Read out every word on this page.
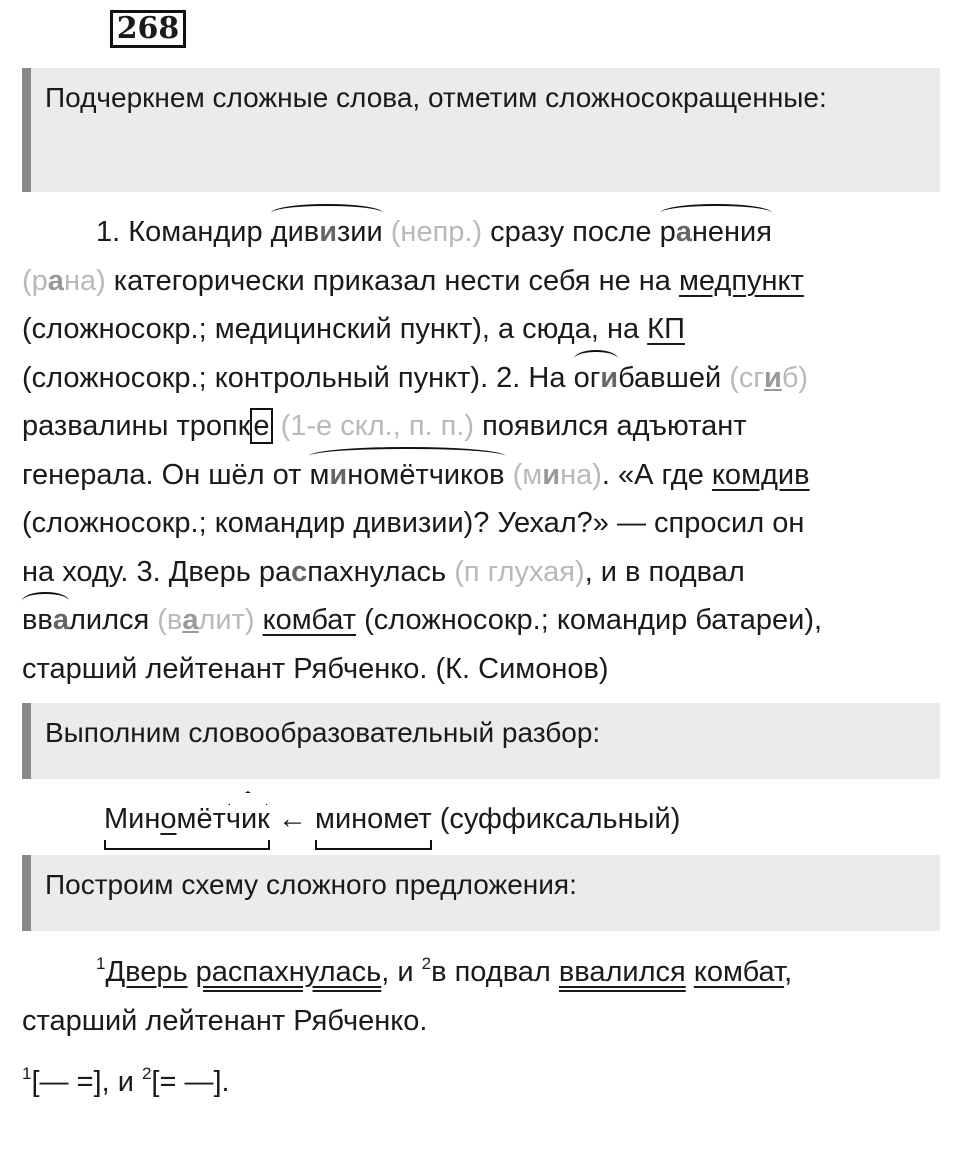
268
Подчеркнем сложные слова, отметим сложносокращенные:
1. Командир дивизии (непр.) сразу после ранения
(рана) категорически приказал нести себя не на медпункт
(сложносокр.; медицинский пункт), а сюда, на КП
(сложносокр.; контрольный пункт). 2. На огибавшей (сгиб)
развалины тропк е (1-е скл., п. п.) появился адъютант
генерала. Он шёл от миномётчиков (мина). «А где комдив
(сложносокр.; командир дивизии)? Уехал?» — спросил он
на ходу. 3. Дверь распахнулась (п глухая), и в подвал
ввалился (валит) комбат (сложносокр.; командир батареи),
старший лейтенант Рябченко. (К. Симонов)
Выполним словообразовательный разбор:
Миномётчик ← миномет (суффиксальный)
Построим схему сложного предложения:
$^1$Дверь распахнулась, и $^2$в подвал ввалился комбат,
старший лейтенант Рябченко.
$^1$[— =], и $^2$[= —].
